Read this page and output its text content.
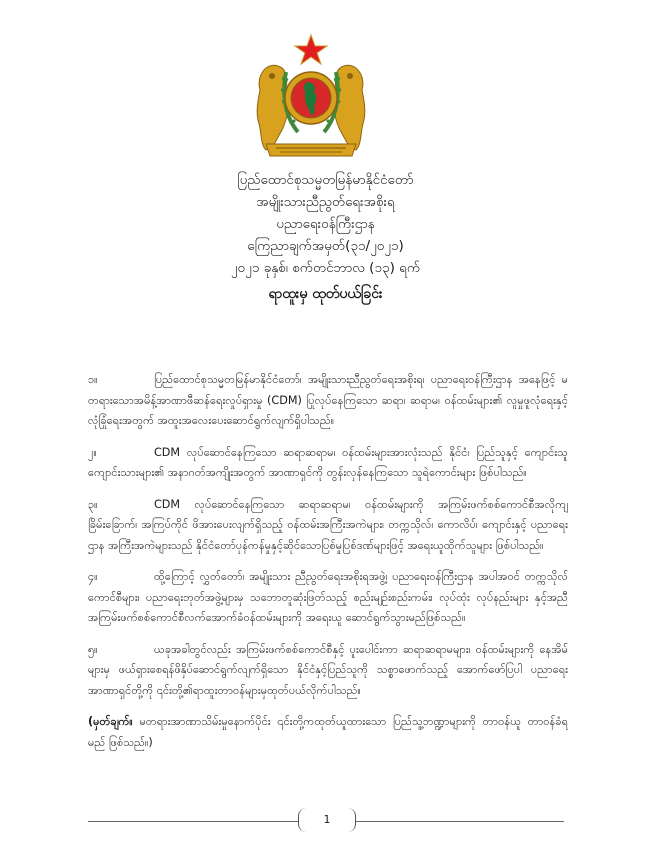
ပြည်ထောင်စုသမ္မတမြန်မာနိုင်ငံတော်
အမျိုးသားညီညွတ်ရေးအစိုးရ
ပညာရေးဝန်ကြီးဌာန
ကြေညာချက်အမှတ်(၃၁/၂၀၂၁)
၂၀၂၁ ခုနှစ်၊ စက်တင်ဘာလ (၁၃) ရက်
ရာထူးမှ ထုတ်ပယ်ခြင်း

၁။	ပြည်ထောင်စုသမ္မတမြန်မာနိုင်ငံတော်၊ အမျိုးသားညီညွတ်ရေးအစိုးရ၊ ပညာရေးဝန်ကြီးဌာန အနေဖြင့် မတရားသောအမိန့်အာဏာဖီဆန်ရေးလှုပ်ရှားမှု (CDM) ပြုလုပ်နေကြသော ဆရာ၊ ဆရာမ၊ ဝန်ထမ်းများ၏ လူမှုဖူလုံရေးနှင့် လုံခြုံရေးအတွက် အထူးအလေးပေးဆောင်ရွက်လျက်ရှိပါသည်။

၂။	CDM လုပ်ဆောင်နေကြသော ဆရာဆရာမ၊ ဝန်ထမ်းများအားလုံးသည် နိုင်ငံ၊ ပြည်သူနှင့် ကျောင်းသူ ကျောင်းသားများ၏ အနာဂတ်အကျိုးအတွက် အာဏာရှင်ကို တွန်းလှန်နေကြသော သူရဲကောင်းများ ဖြစ်ပါသည်။

၃။	CDM လုပ်ဆောင်နေကြသော ဆရာဆရာမ၊ ဝန်ထမ်းများကို အကြမ်းဖက်စစ်ကောင်စီအလိုကျ ခြိမ်းခြောက်၊ အကြပ်ကိုင် ဖိအားပေးလျက်ရှိသည့် ဝန်ထမ်းအကြီးအကဲများ၊ တက္ကသိုလ်၊ ကောလိပ်၊ ကျောင်းနှင့် ပညာရေးဌာန အကြီးအကဲများသည် နိုင်ငံတော်ပုန်ကန်မှုနှင့်ဆိုင်သောပြစ်မှုပြစ်ဒဏ်များဖြင့် အရေးယူထိုက်သူများ ဖြစ်ပါသည်။

၄။	ထို့ကြောင့် လွှတ်တော်၊ အမျိုးသား ညီညွတ်ရေးအစိုးရအဖွဲ့၊ ပညာရေးဝန်ကြီးဌာန အပါအဝင် တက္ကသိုလ် ကောင်စီများ၊ ပညာရေးဘုတ်အဖွဲ့များမှ သဘောတူဆုံးဖြတ်သည့် စည်းမျဉ်းစည်းကမ်း၊ လုပ်ထုံး လုပ်နည်းများ နှင့်အညီ အကြမ်းဖက်စစ်ကောင်စီလက်အောက်ခံဝန်ထမ်းများကို အရေးယူ ဆောင်ရွက်သွားမည်ဖြစ်သည်။

၅။	ယခုအခါတွင်လည်း အကြမ်းဖက်စစ်ကောင်စီနှင့် ပူးပေါင်းကာ ဆရာဆရာမများ၊ ဝန်ထမ်းများကို နေအိမ်များမှ ဖယ်ရှားစေရန်ဖိနှိပ်ဆောင်ရွက်လျက်ရှိသော နိုင်ငံနှင့်ပြည်သူကို သစ္စာဖောက်သည့် အောက်ဖော်ပြပါ ပညာရေး အာဏာရှင်တို့ကို ၎င်းတို့၏ရာထူးတာဝန်များမှထုတ်ပယ်လိုက်ပါသည်။

(မှတ်ချက်။ မတရားအာဏာသိမ်းမှုနောက်ပိုင်း ၎င်းတို့ကထုတ်ယူထားသော ပြည်သူ့ဘဏ္ဍာများကို တာဝန်ယူ တာဝန်ခံရမည် ဖြစ်သည်။)

1
